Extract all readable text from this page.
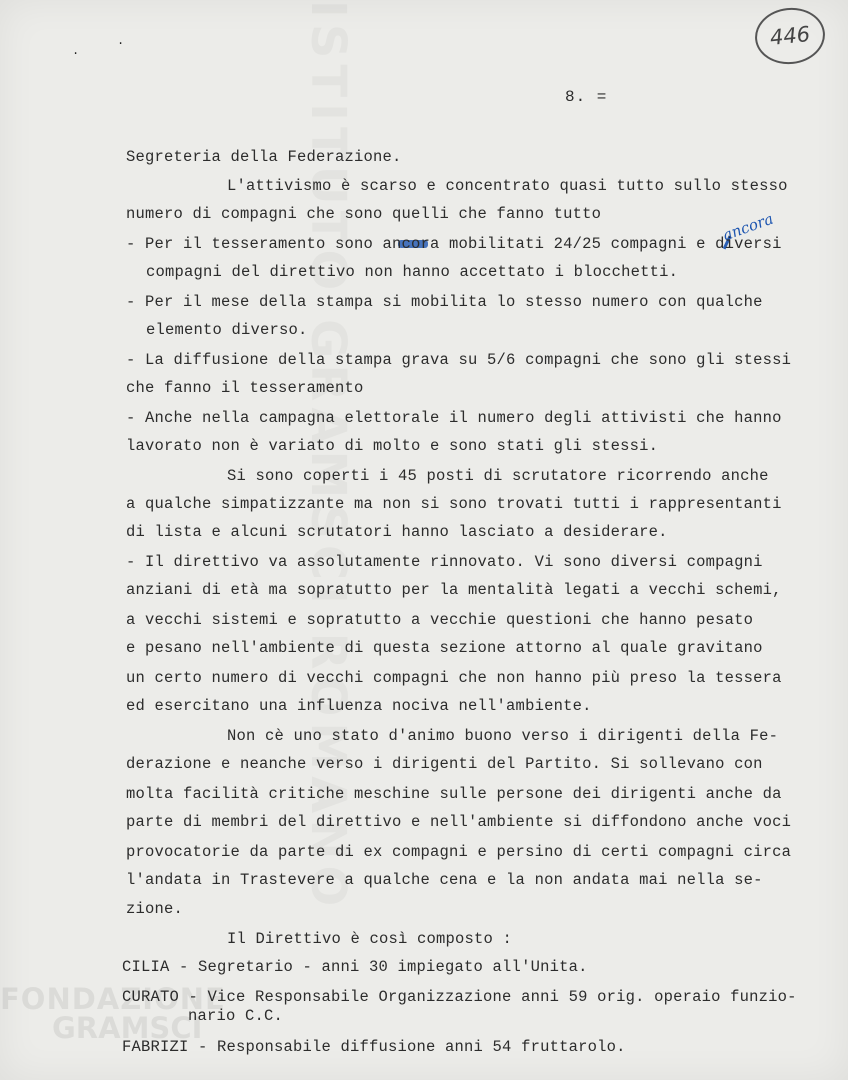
446
.
.
8. =
ancora
Segreteria della Federazione.
L'attivismo è scarso e concentrato quasi tutto sullo stesso
numero di compagni che sono quelli che fanno tutto
- Per il tesseramento sono ancora mobilitati 24/25 compagni e diversi
compagni del direttivo non hanno accettato i blocchetti.
- Per il mese della stampa si mobilita lo stesso numero con qualche
elemento diverso.
- La diffusione della stampa grava su 5/6 compagni che sono gli stessi
che fanno il tesseramento
- Anche nella campagna elettorale il numero degli attivisti che hanno
lavorato non è variato di molto e sono stati gli stessi.
Si sono coperti i 45 posti di scrutatore ricorrendo anche
a qualche simpatizzante ma non si sono trovati tutti i rappresentanti
di lista e alcuni scrutatori hanno lasciato a desiderare.
- Il direttivo va assolutamente rinnovato. Vi sono diversi compagni
anziani di età ma sopratutto per la mentalità legati a vecchi schemi,
a vecchi sistemi e sopratutto a vecchie questioni che hanno pesato
e pesano nell'ambiente di questa sezione attorno al quale gravitano
un certo numero di vecchi compagni che non hanno più preso la tessera
ed esercitano una influenza nociva nell'ambiente.
Non cè uno stato d'animo buono verso i dirigenti della Fe-
derazione e neanche verso i dirigenti del Partito. Si sollevano con
molta facilità critiche meschine sulle persone dei dirigenti anche da
parte di membri del direttivo e nell'ambiente si diffondono anche voci
provocatorie da parte di ex compagni e persino di certi compagni circa
l'andata in Trastevere a qualche cena e la non andata mai nella se-
zione.
Il Direttivo è così composto :
CILIA - Segretario - anni 30 impiegato all'Unita.
CURATO - Vice Responsabile Organizzazione anni 59 orig. operaio funzio-
nario C.C.
FABRIZI - Responsabile diffusione anni 54 fruttarolo.
FONDAZIONE
GRAMSCI
